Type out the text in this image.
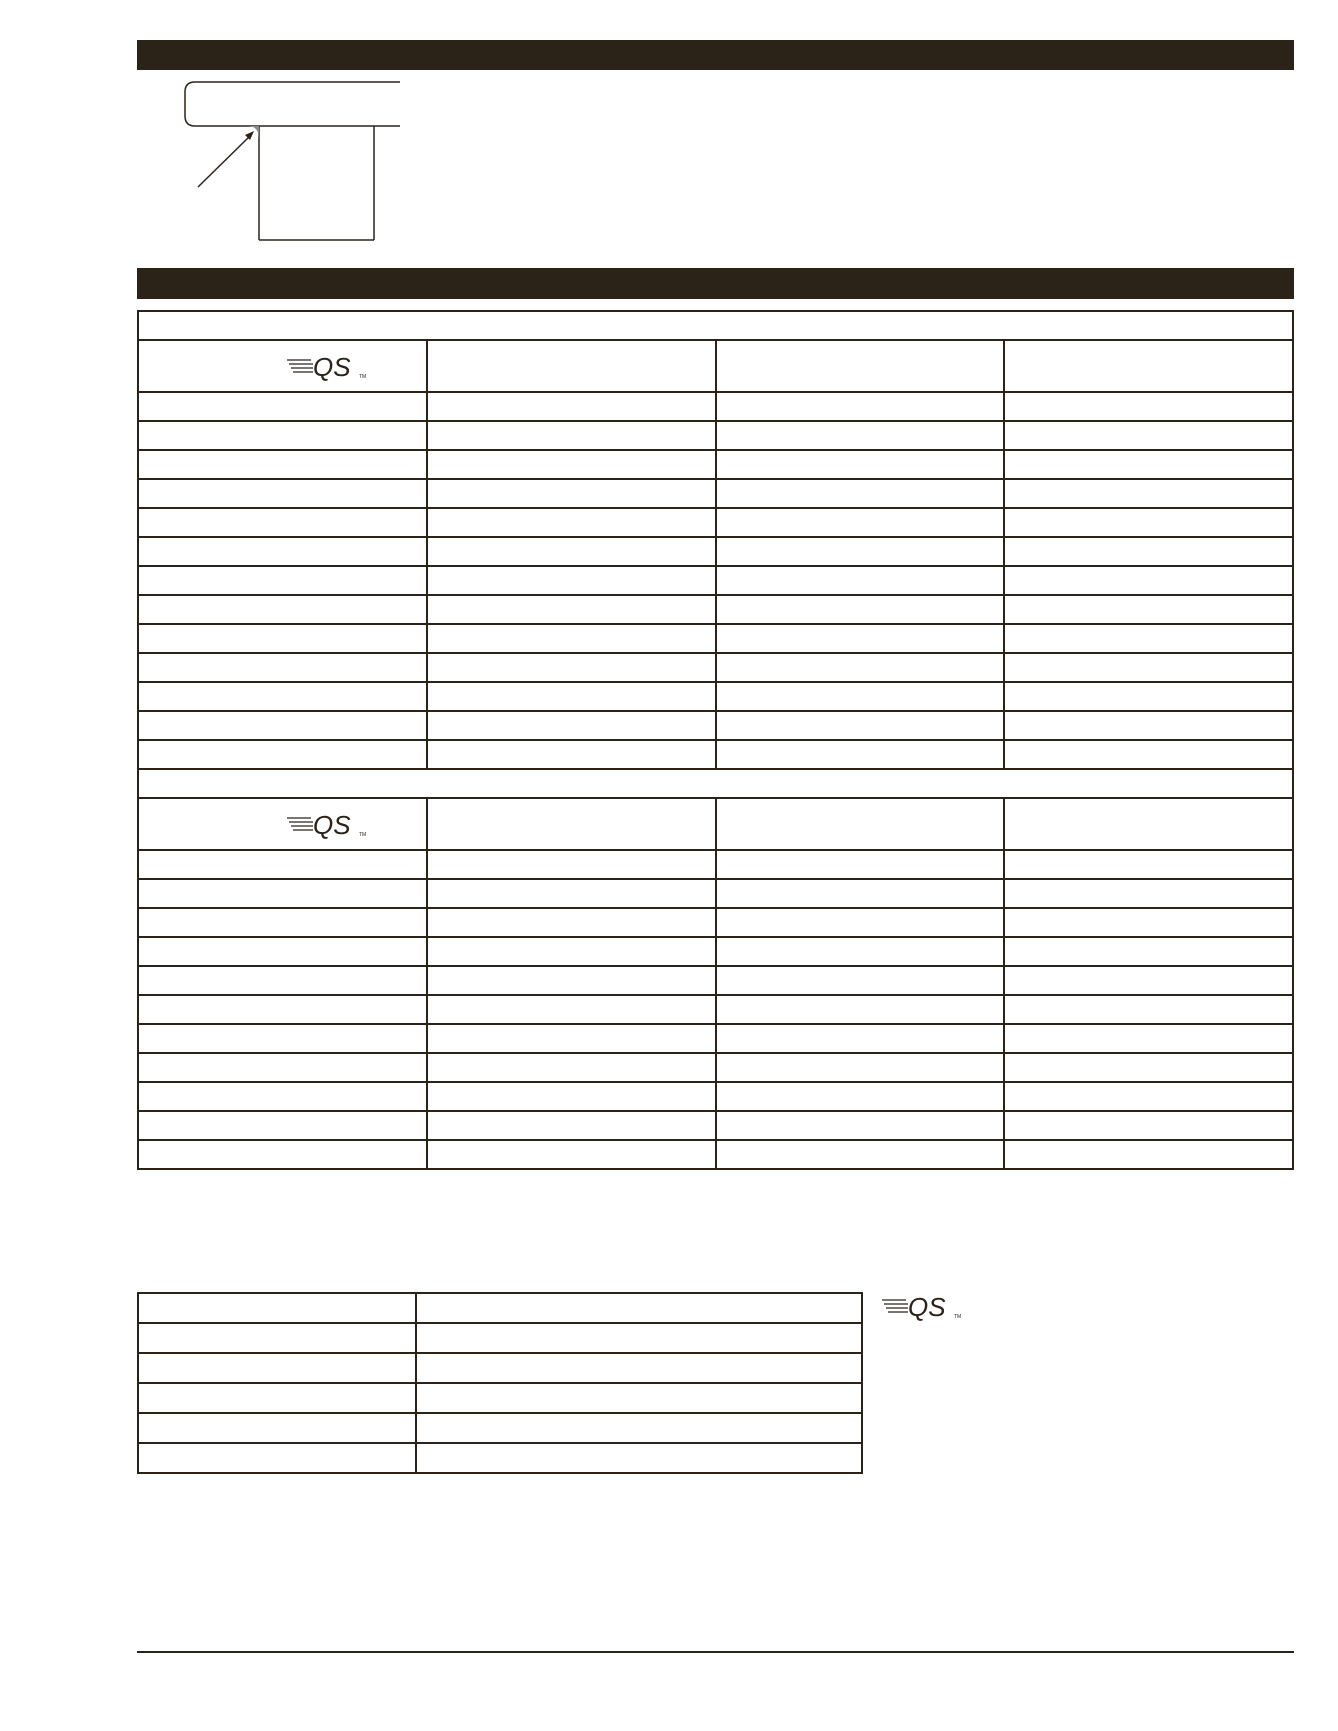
QS TM			

QS TM			

QS TM
